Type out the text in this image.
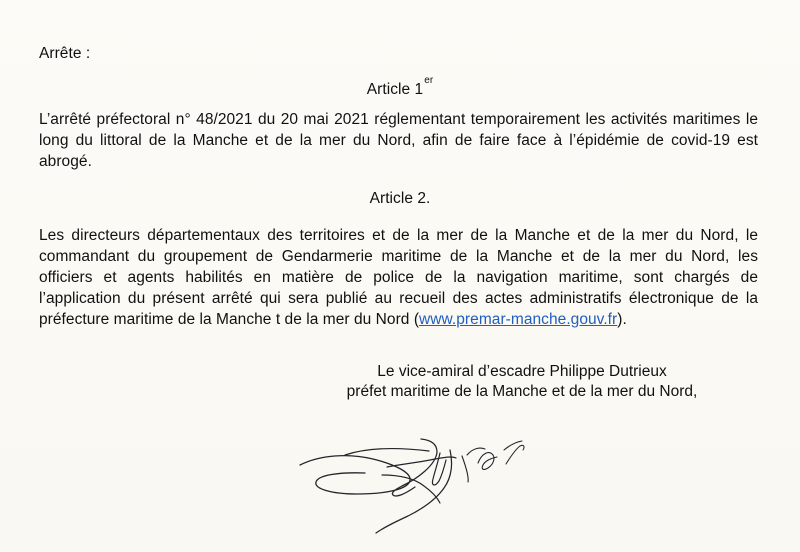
Arrête :
Article 1er
L’arrêté préfectoral n° 48/2021 du 20 mai 2021 réglementant temporairement les activités maritimes le
long du littoral de la Manche et de la mer du Nord, afin de faire face à l’épidémie de covid-19 est
abrogé.
Article 2.
Les directeurs départementaux des territoires et de la mer de la Manche et de la mer du Nord, le
commandant du groupement de Gendarmerie maritime de la Manche et de la mer du Nord, les
officiers et agents habilités en matière de police de la navigation maritime, sont chargés de
l’application du présent arrêté qui sera publié au recueil des actes administratifs électronique de la
préfecture maritime de la Manche t de la mer du Nord (www.premar-manche.gouv.fr).
Le vice-amiral d’escadre Philippe Dutrieux
préfet maritime de la Manche et de la mer du Nord,
